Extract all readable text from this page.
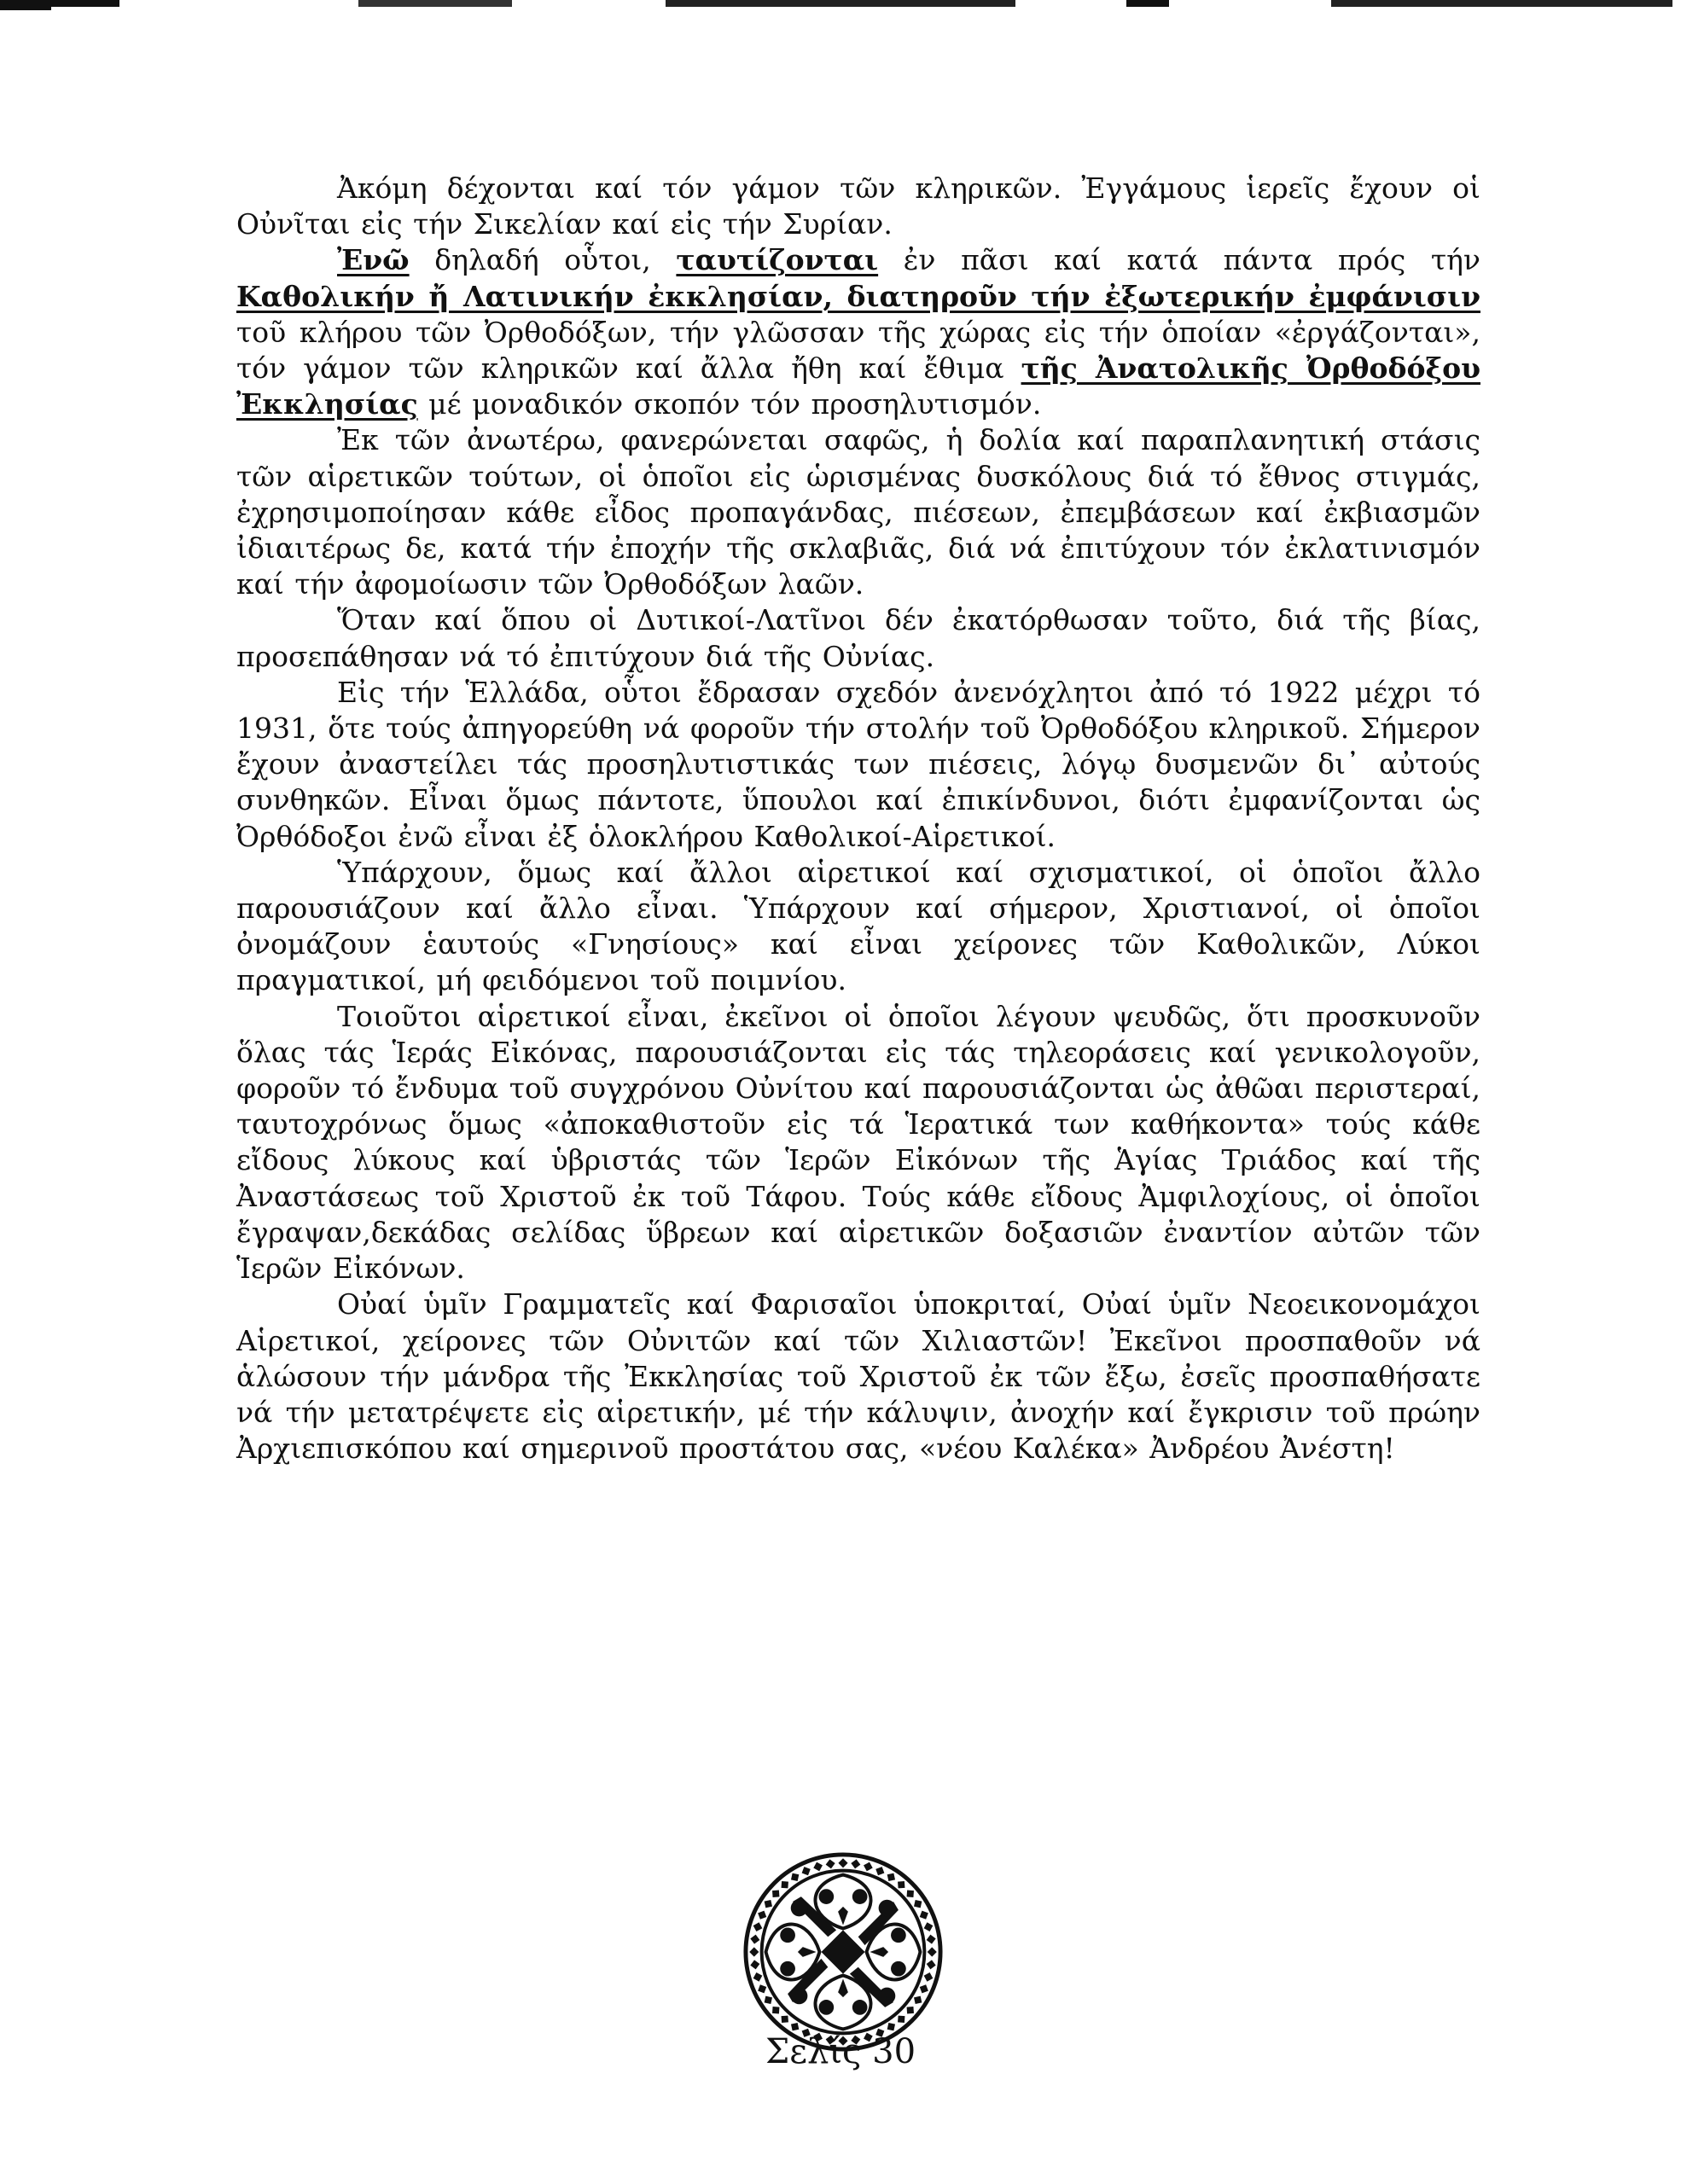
Ἀκόμη δέχονται καί τόν γάμον τῶν κληρικῶν. Ἐγγάμους ἱερεῖς ἔχουν οἱ Οὐνῖται εἰς τήν Σικελίαν καί εἰς τήν Συρίαν.

Ἐνῶ δηλαδή οὗτοι, ταυτίζονται ἐν πᾶσι καί κατά πάντα πρός τήν Καθολικήν ἤ Λατινικήν ἐκκλησίαν, διατηροῦν τήν ἐξωτερικήν ἐμφάνισιν τοῦ κλήρου τῶν Ὀρθοδόξων, τήν γλῶσσαν τῆς χώρας εἰς τήν ὁποίαν «ἐργάζονται», τόν γάμον τῶν κληρικῶν καί ἄλλα ἤθη καί ἔθιμα τῆς Ἀνατολικῆς Ὀρθοδόξου Ἐκκλησίας μέ μοναδικόν σκοπόν τόν προσηλυτισμόν.

Ἐκ τῶν ἀνωτέρω, φανερώνεται σαφῶς, ἡ δολία καί παραπλανητική στάσις τῶν αἱρετικῶν τούτων, οἱ ὁποῖοι εἰς ὡρισμένας δυσκόλους διά τό ἔθνος στιγμάς, ἐχρησιμοποίησαν κάθε εἶδος προπαγάνδας, πιέσεων, ἐπεμβάσεων καί ἐκβιασμῶν ἰδιαιτέρως δε, κατά τήν ἐποχήν τῆς σκλαβιᾶς, διά νά ἐπιτύχουν τόν ἐκλατινισμόν καί τήν ἀφομοίωσιν τῶν Ὀρθοδόξων λαῶν.

Ὅταν καί ὅπου οἱ Δυτικοί-Λατῖνοι δέν ἐκατόρθωσαν τοῦτο, διά τῆς βίας, προσεπάθησαν νά τό ἐπιτύχουν διά τῆς Οὐνίας.

Εἰς τήν Ἑλλάδα, οὗτοι ἔδρασαν σχεδόν ἀνενόχλητοι ἀπό τό 1922 μέχρι τό 1931, ὅτε τούς ἀπηγορεύθη νά φοροῦν τήν στολήν τοῦ Ὀρθοδόξου κληρικοῦ. Σήμερον ἔχουν ἀναστείλει τάς προσηλυτιστικάς των πιέσεις, λόγῳ δυσμενῶν δι᾽ αὐτούς συνθηκῶν. Εἶναι ὅμως πάντοτε, ὕπουλοι καί ἐπικίνδυνοι, διότι ἐμφανίζονται ὡς Ὀρθόδοξοι ἐνῶ εἶναι ἐξ ὁλοκλήρου Καθολικοί-Αἱρετικοί.

Ὑπάρχουν, ὅμως καί ἄλλοι αἱρετικοί καί σχισματικοί, οἱ ὁποῖοι ἄλλο παρουσιάζουν καί ἄλλο εἶναι. Ὑπάρχουν καί σήμερον, Χριστιανοί, οἱ ὁποῖοι ὀνομάζουν ἑαυτούς «Γνησίους» καί εἶναι χείρονες τῶν Καθολικῶν, Λύκοι πραγματικοί, μή φειδόμενοι τοῦ ποιμνίου.

Τοιοῦτοι αἱρετικοί εἶναι, ἐκεῖνοι οἱ ὁποῖοι λέγουν ψευδῶς, ὅτι προσκυνοῦν ὅλας τάς Ἱεράς Εἰκόνας, παρουσιάζονται εἰς τάς τηλεοράσεις καί γενικολογοῦν, φοροῦν τό ἔνδυμα τοῦ συγχρόνου Οὐνίτου καί παρουσιάζονται ὡς ἀθῶαι περιστεραί, ταυτοχρόνως ὅμως «ἀποκαθιστοῦν εἰς τά Ἱερατικά των καθήκοντα» τούς κάθε εἴδους λύκους καί ὑβριστάς τῶν Ἱερῶν Εἰκόνων τῆς Ἁγίας Τριάδος καί τῆς Ἀναστάσεως τοῦ Χριστοῦ ἐκ τοῦ Τάφου. Τούς κάθε εἴδους Ἀμφιλοχίους, οἱ ὁποῖοι ἔγραψαν,δεκάδας σελίδας ὕβρεων καί αἱρετικῶν δοξασιῶν ἐναντίον αὐτῶν τῶν Ἱερῶν Εἰκόνων.

Οὐαί ὑμῖν Γραμματεῖς καί Φαρισαῖοι ὑποκριταί, Οὐαί ὑμῖν Νεοεικονομάχοι Αἱρετικοί, χείρονες τῶν Οὐνιτῶν καί τῶν Χιλιαστῶν! Ἐκεῖνοι προσπαθοῦν νά ἁλώσουν τήν μάνδρα τῆς Ἐκκλησίας τοῦ Χριστοῦ ἐκ τῶν ἔξω, ἐσεῖς προσπαθήσατε νά τήν μετατρέψετε εἰς αἱρετικήν, μέ τήν κάλυψιν, ἀνοχήν καί ἔγκρισιν τοῦ πρώην Ἀρχιεπισκόπου καί σημερινοῦ προστάτου σας, «νέου Καλέκα» Ἀνδρέου Ἀνέστη!

Σελίς 30
